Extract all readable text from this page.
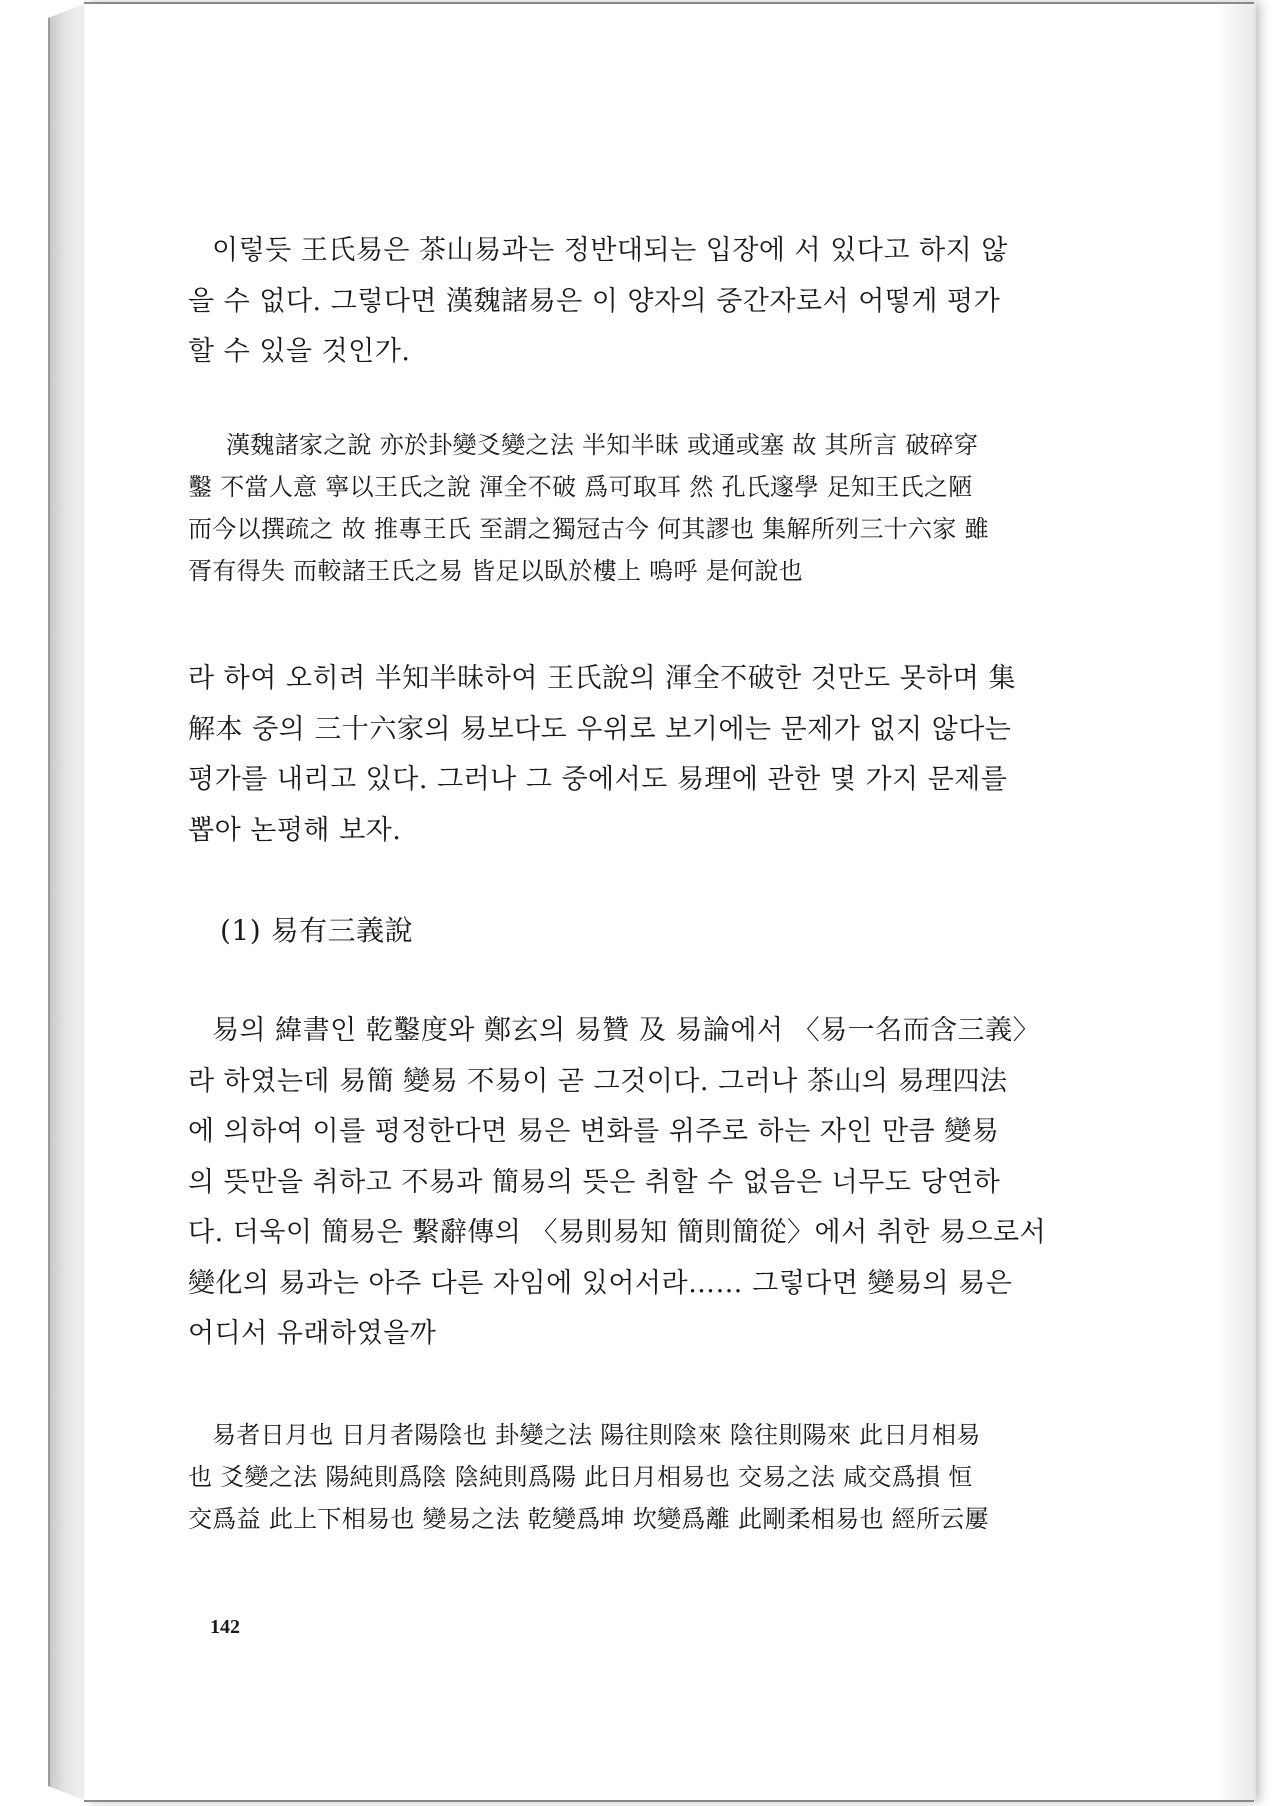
이렇듯 王氏易은 茶山易과는 정반대되는 입장에 서 있다고 하지 않
을 수 없다. 그렇다면 漢魏諸易은 이 양자의 중간자로서 어떻게 평가
할 수 있을 것인가.

漢魏諸家之說 亦於卦變爻變之法 半知半昧 或通或塞 故 其所言 破碎穿
鑿 不當人意 寧以王氏之說 渾全不破 爲可取耳 然 孔氏邃學 足知王氏之陋
而今以撰疏之 故 推專王氏 至謂之獨冠古今 何其謬也 集解所列三十六家 雖
胥有得失 而較諸王氏之易 皆足以臥於樓上 嗚呼 是何說也

라 하여 오히려 半知半昧하여 王氏說의 渾全不破한 것만도 못하며 集
解本 중의 三十六家의 易보다도 우위로 보기에는 문제가 없지 않다는
평가를 내리고 있다. 그러나 그 중에서도 易理에 관한 몇 가지 문제를
뽑아 논평해 보자.

(1) 易有三義說

易의 緯書인 乾鑿度와 鄭玄의 易贊 及 易論에서 〈易一名而含三義〉
라 하였는데 易簡 變易 不易이 곧 그것이다. 그러나 茶山의 易理四法
에 의하여 이를 평정한다면 易은 변화를 위주로 하는 자인 만큼 變易
의 뜻만을 취하고 不易과 簡易의 뜻은 취할 수 없음은 너무도 당연하
다. 더욱이 簡易은 繫辭傳의 〈易則易知 簡則簡從〉에서 취한 易으로서
變化의 易과는 아주 다른 자임에 있어서라…… 그렇다면 變易의 易은
어디서 유래하였을까

易者日月也 日月者陽陰也 卦變之法 陽往則陰來 陰往則陽來 此日月相易
也 爻變之法 陽純則爲陰 陰純則爲陽 此日月相易也 交易之法 咸交爲損 恒
交爲益 此上下相易也 變易之法 乾變爲坤 坎變爲離 此剛柔相易也 經所云屢
142
